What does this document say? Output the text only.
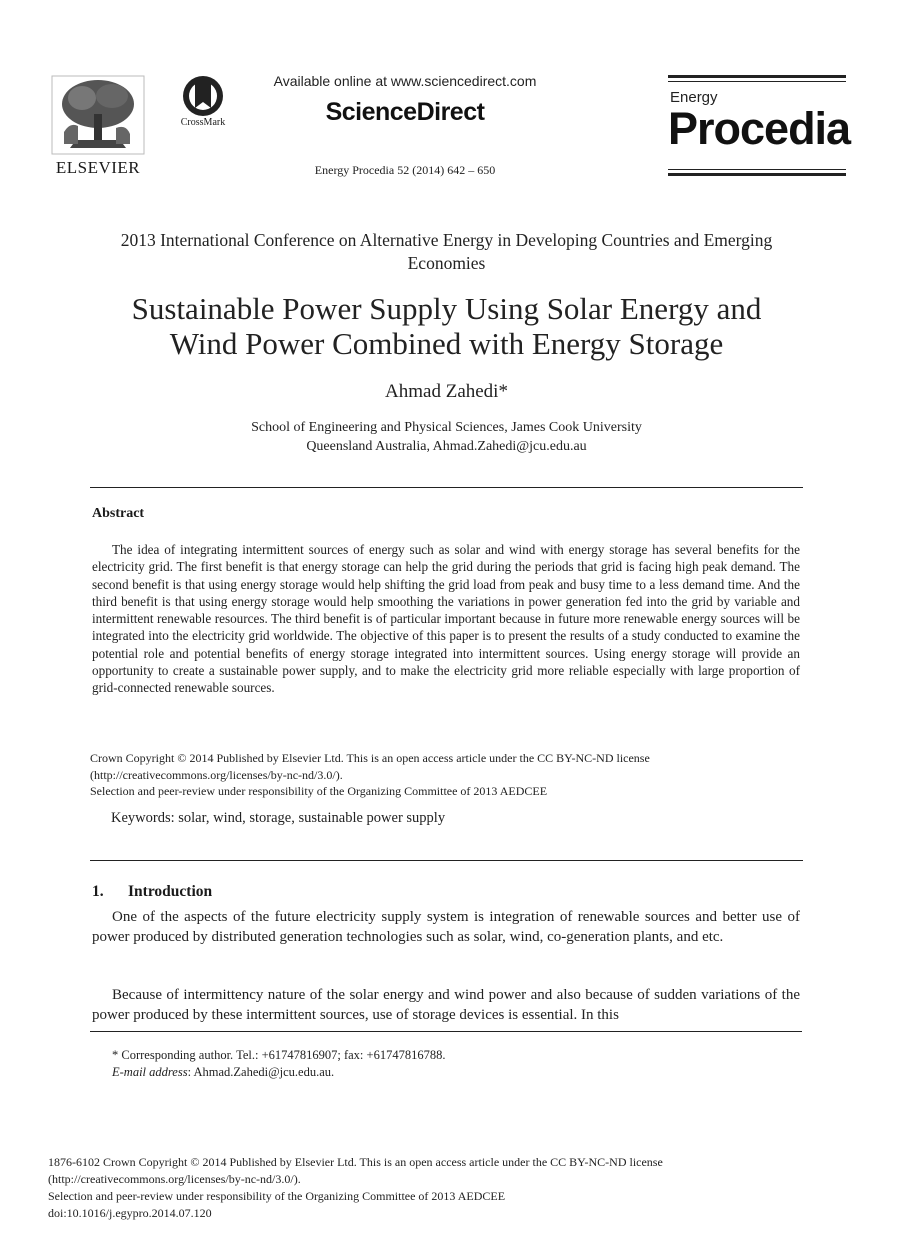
ELSEVIER
CrossMark
Available online at www.sciencedirect.com
ScienceDirect
Energy Procedia 52 (2014) 642 – 650
Energy
Procedia
2013 International Conference on Alternative Energy in Developing Countries and Emerging Economies
Sustainable Power Supply Using Solar Energy and
Wind Power Combined with Energy Storage
Ahmad Zahedi*
School of Engineering and Physical Sciences, James Cook University
Queensland Australia, Ahmad.Zahedi@jcu.edu.au
Abstract
The idea of integrating intermittent sources of energy such as solar and wind with energy storage has several benefits for the electricity grid. The first benefit is that energy storage can help the grid during the periods that grid is facing high peak demand. The second benefit is that using energy storage would help shifting the grid load from peak and busy time to a less demand time. And the third benefit is that using energy storage would help smoothing the variations in power generation fed into the grid by variable and intermittent renewable resources. The third benefit is of particular important because in future more renewable energy sources will be integrated into the electricity grid worldwide. The objective of this paper is to present the results of a study conducted to examine the potential role and potential benefits of energy storage integrated into intermittent sources. Using energy storage will provide an opportunity to create a sustainable power supply, and to make the electricity grid more reliable especially with large proportion of grid-connected renewable sources.
Crown Copyright © 2014 Published by Elsevier Ltd. This is an open access article under the CC BY-NC-ND license
(http://creativecommons.org/licenses/by-nc-nd/3.0/).
Selection and peer-review under responsibility of the Organizing Committee of 2013 AEDCEE
Keywords: solar, wind, storage, sustainable power supply
1. Introduction
One of the aspects of the future electricity supply system is integration of renewable sources and better use of power produced by distributed generation technologies such as solar, wind, co-generation plants, and etc.
Because of intermittency nature of the solar energy and wind power and also because of sudden variations of the power produced by these intermittent sources, use of storage devices is essential. In this
* Corresponding author. Tel.: +61747816907; fax: +61747816788.
E-mail address: Ahmad.Zahedi@jcu.edu.au.
1876-6102 Crown Copyright © 2014 Published by Elsevier Ltd. This is an open access article under the CC BY-NC-ND license
(http://creativecommons.org/licenses/by-nc-nd/3.0/).
Selection and peer-review under responsibility of the Organizing Committee of 2013 AEDCEE
doi:10.1016/j.egypro.2014.07.120
